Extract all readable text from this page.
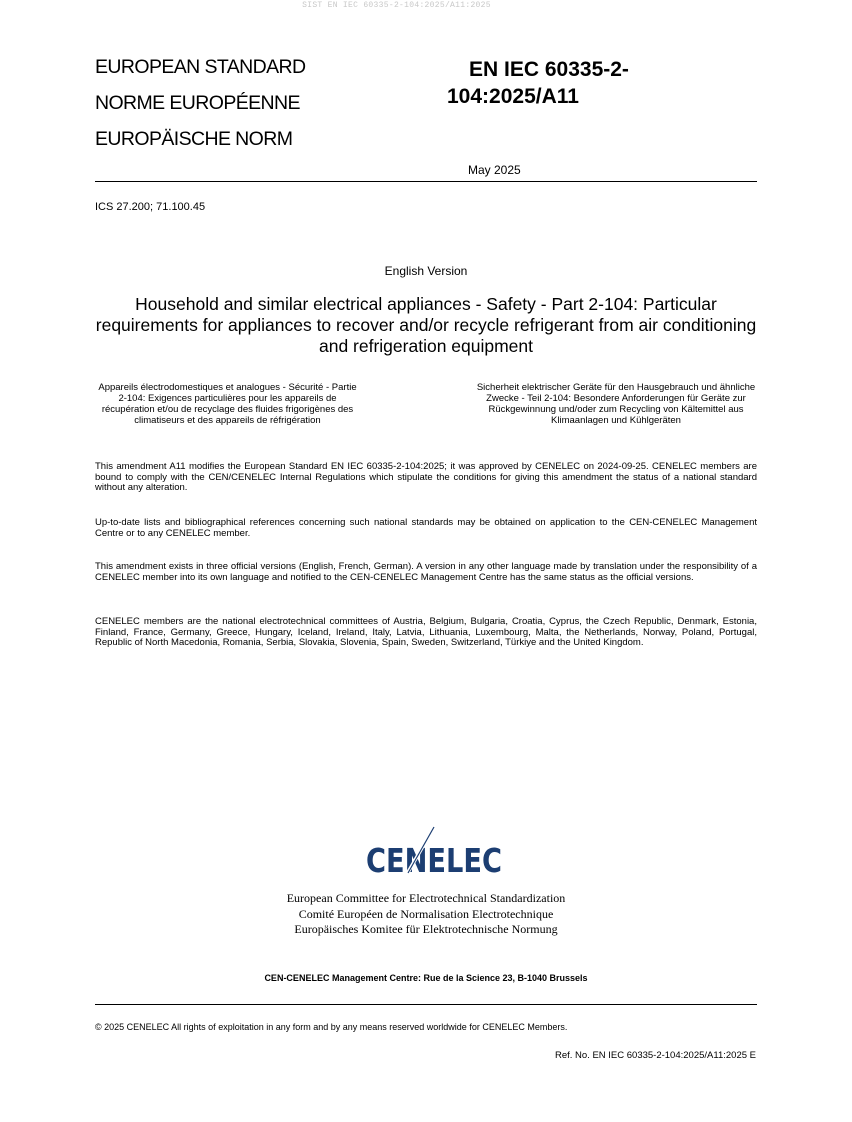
SIST EN IEC 60335-2-104:2025/A11:2025
EUROPEAN STANDARD
NORME EUROPÉENNE
EUROPÄISCHE NORM
EN IEC 60335-2-
104:2025/A11
May 2025
ICS 27.200; 71.100.45
English Version
Household and similar electrical appliances - Safety - Part 2-104: Particular requirements for appliances to recover and/or recycle refrigerant from air conditioning and refrigeration equipment
Appareils électrodomestiques et analogues - Sécurité - Partie 2-104: Exigences particulières pour les appareils de récupération et/ou de recyclage des fluides frigorigènes des climatiseurs et des appareils de réfrigération
Sicherheit elektrischer Geräte für den Hausgebrauch und ähnliche Zwecke - Teil 2-104: Besondere Anforderungen für Geräte zur Rückgewinnung und/oder zum Recycling von Kältemittel aus Klimaanlagen und Kühlgeräten
This amendment A11 modifies the European Standard EN IEC 60335-2-104:2025; it was approved by CENELEC on 2024-09-25. CENELEC members are bound to comply with the CEN/CENELEC Internal Regulations which stipulate the conditions for giving this amendment the status of a national standard without any alteration.
Up-to-date lists and bibliographical references concerning such national standards may be obtained on application to the CEN-CENELEC Management Centre or to any CENELEC member.
This amendment exists in three official versions (English, French, German). A version in any other language made by translation under the responsibility of a CENELEC member into its own language and notified to the CEN-CENELEC Management Centre has the same status as the official versions.
CENELEC members are the national electrotechnical committees of Austria, Belgium, Bulgaria, Croatia, Cyprus, the Czech Republic, Denmark, Estonia, Finland, France, Germany, Greece, Hungary, Iceland, Ireland, Italy, Latvia, Lithuania, Luxembourg, Malta, the Netherlands, Norway, Poland, Portugal, Republic of North Macedonia, Romania, Serbia, Slovakia, Slovenia, Spain, Sweden, Switzerland, Türkiye and the United Kingdom.
CENELEC
European Committee for Electrotechnical Standardization
Comité Européen de Normalisation Electrotechnique
Europäisches Komitee für Elektrotechnische Normung
CEN-CENELEC Management Centre: Rue de la Science 23, B-1040 Brussels
© 2025 CENELEC All rights of exploitation in any form and by any means reserved worldwide for CENELEC Members.
Ref. No. EN IEC 60335-2-104:2025/A11:2025 E
